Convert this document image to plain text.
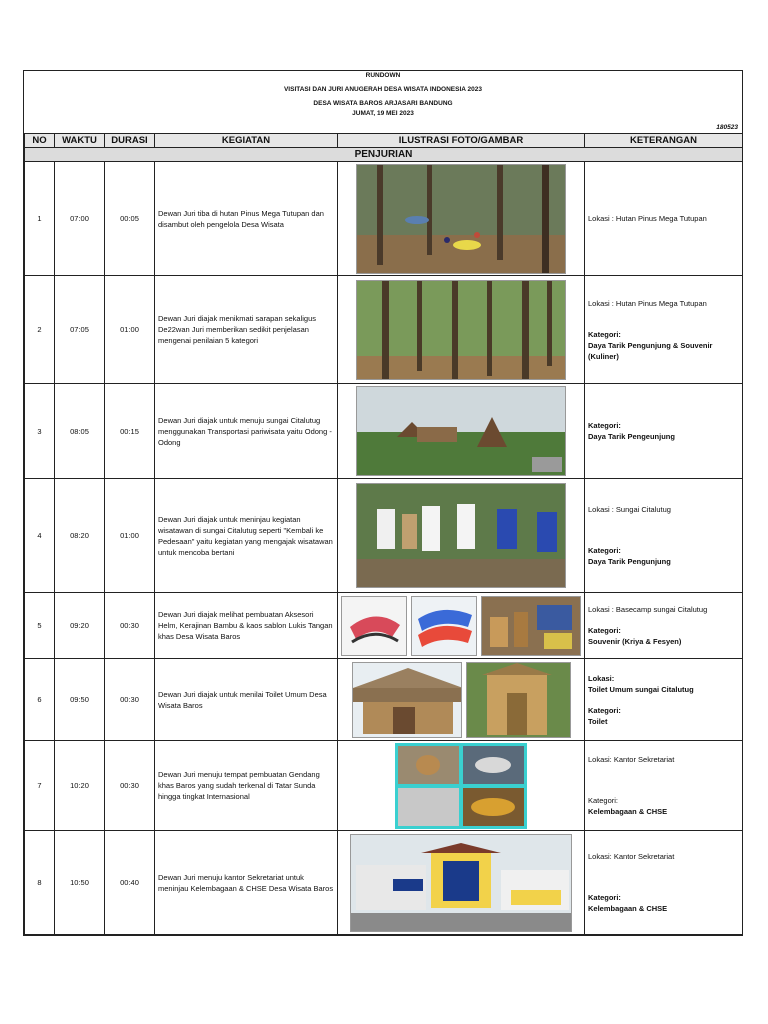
RUNDOWN
VISITASI DAN JURI ANUGERAH DESA WISATA INDONESIA 2023
DESA WISATA BAROS ARJASARI BANDUNG
JUMAT, 19 MEI 2023
180523
NO	WAKTU	DURASI	KEGIATAN	ILUSTRASI FOTO/GAMBAR	KETERANGAN
PENJURIAN					
1	07:00	00:05	Dewan Juri tiba di hutan Pinus Mega Tutupan dan disambut oleh pengelola Desa Wisata		Lokasi : Hutan Pinus Mega Tutupan

2	07:05	01:00	Dewan Juri diajak menikmati sarapan sekaligus De22wan Juri memberikan sedikit penjelasan mengenai penilaian 5 kategori		Lokasi : Hutan Pinus Mega Tutupan
Kategori:
Daya Tarik Pengunjung & Souvenir (Kuliner)

3	08:05	00:15	Dewan Juri diajak untuk menuju sungai Citalutug menggunakan Transportasi pariwisata yaitu Odong - Odong		Kategori:
Daya Tarik Pengeunjung

4	08:20	01:00	Dewan Juri diajak untuk meninjau kegiatan wisatawan di sungai Citalutug seperti "Kembali ke Pedesaan" yaitu kegiatan yang mengajak wisatawan untuk mencoba bertani		Lokasi : Sungai Citalutug
Kategori:
Daya Tarik Pengunjung

5	09:20	00:30	Dewan Juri diajak melihat pembuatan Aksesori Helm, Kerajinan Bambu & kaos sablon Lukis Tangan khas Desa Wisata Baros		Lokasi : Basecamp sungai Citalutug
Kategori:
Souvenir (Kriya & Fesyen)

6	09:50	00:30	Dewan Juri diajak untuk menilai Toilet Umum Desa Wisata Baros		Lokasi:
Toilet Umum sungai Citalutug
Kategori:
Toilet

7	10:20	00:30	Dewan Juri menuju tempat pembuatan Gendang khas Baros yang sudah terkenal di Tatar Sunda hingga tingkat Internasional		Lokasi: Kantor Sekretariat
Kategori:
Kelembagaan & CHSE

8	10:50	00:40	Dewan Juri menuju kantor Sekretariat untuk meninjau Kelembagaan & CHSE Desa Wisata Baros		Lokasi: Kantor Sekretariat
Kategori:
Kelembagaan & CHSE
